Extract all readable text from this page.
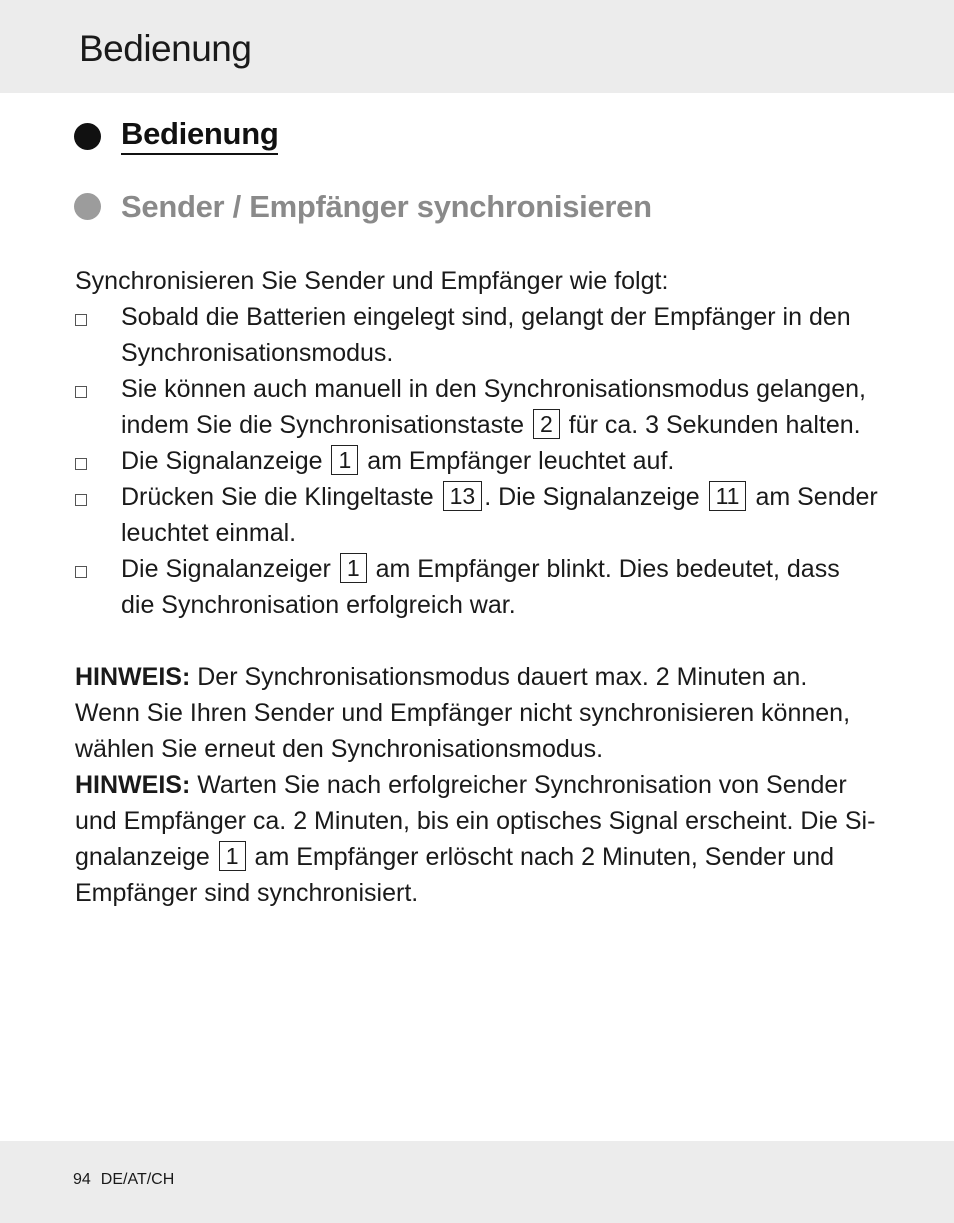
Bedienung
Bedienung
Sender / Empfänger synchronisieren
Synchronisieren Sie Sender und Empfänger wie folgt:
Sobald die Batterien eingelegt sind, gelangt der Empfänger in den
Synchronisationsmodus.
Sie können auch manuell in den Synchronisationsmodus gelangen,
indem Sie die Synchronisationstaste 2 für ca. 3 Sekunden halten.
Die Signalanzeige 1 am Empfänger leuchtet auf.
Drücken Sie die Klingeltaste 13 . Die Signalanzeige 11 am Sender
leuchtet einmal.
Die Signalanzeiger 1 am Empfänger blinkt. Dies bedeutet, dass
die Synchronisation erfolgreich war.

HINWEIS: Der Synchronisationsmodus dauert max. 2 Minuten an.
Wenn Sie Ihren Sender und Empfänger nicht synchronisieren können,
wählen Sie erneut den Synchronisationsmodus.

HINWEIS: Warten Sie nach erfolgreicher Synchronisation von Sender
und Empfänger ca. 2 Minuten, bis ein optisches Signal erscheint. Die Si-
gnalanzeige 1 am Empfänger erlöscht nach 2 Minuten, Sender und
Empfänger sind synchronisiert.

94 DE/AT/CH
